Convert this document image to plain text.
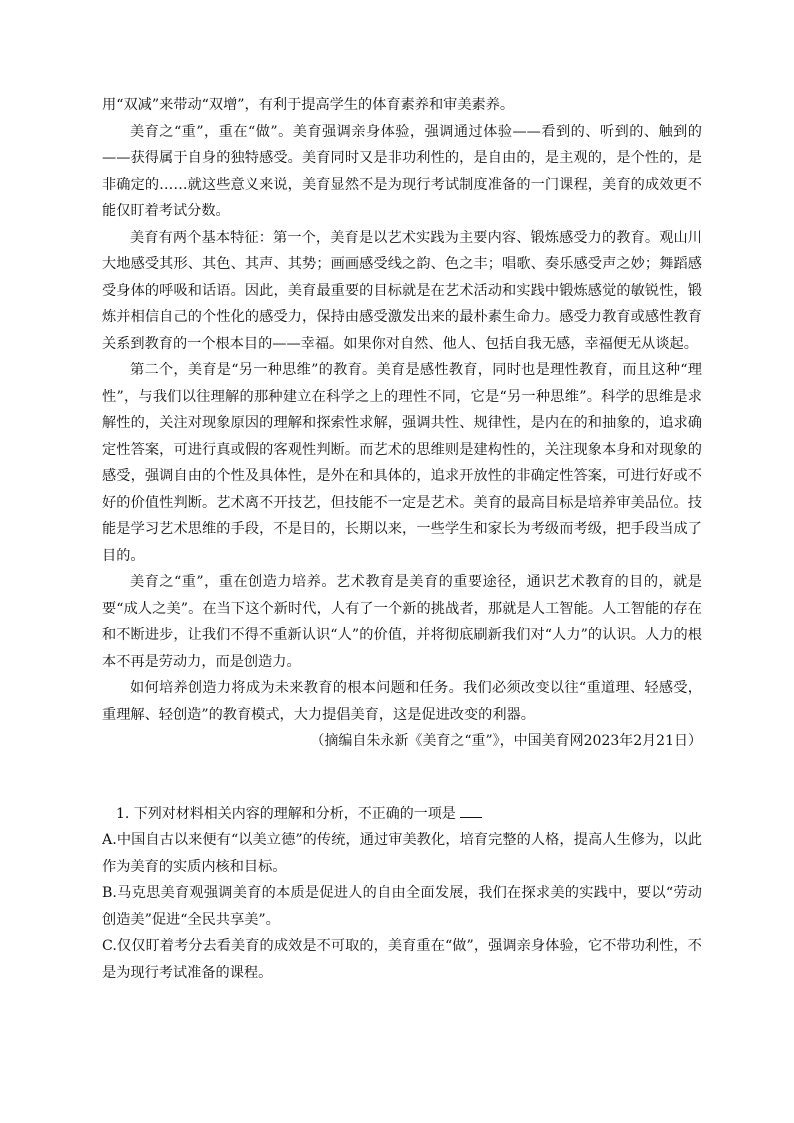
用“双减”来带动“双增”，有利于提高学生的体育素养和审美素养。

美育之“重”，重在“做”。美育强调亲身体验，强调通过体验——看到的、听到的、触到的——获得属于自身的独特感受。美育同时又是非功利性的，是自由的，是主观的，是个性的，是非确定的……就这些意义来说，美育显然不是为现行考试制度准备的一门课程，美育的成效更不能仅盯着考试分数。

美育有两个基本特征：第一个，美育是以艺术实践为主要内容、锻炼感受力的教育。观山川大地感受其形、其色、其声、其势；画画感受线之韵、色之丰；唱歌、奏乐感受声之妙；舞蹈感受身体的呼吸和话语。因此，美育最重要的目标就是在艺术活动和实践中锻炼感觉的敏锐性，锻炼并相信自己的个性化的感受力，保持由感受激发出来的最朴素生命力。感受力教育或感性教育关系到教育的一个根本目的——幸福。如果你对自然、他人、包括自我无感，幸福便无从谈起。

第二个，美育是“另一种思维”的教育。美育是感性教育，同时也是理性教育，而且这种“理性”，与我们以往理解的那种建立在科学之上的理性不同，它是“另一种思维”。科学的思维是求解性的，关注对现象原因的理解和探索性求解，强调共性、规律性，是内在的和抽象的，追求确定性答案，可进行真或假的客观性判断。而艺术的思维则是建构性的，关注现象本身和对现象的感受，强调自由的个性及具体性，是外在和具体的，追求开放性的非确定性答案，可进行好或不好的价值性判断。艺术离不开技艺，但技能不一定是艺术。美育的最高目标是培养审美品位。技能是学习艺术思维的手段，不是目的，长期以来，一些学生和家长为考级而考级，把手段当成了目的。

美育之“重”，重在创造力培养。艺术教育是美育的重要途径，通识艺术教育的目的，就是要“成人之美”。在当下这个新时代，人有了一个新的挑战者，那就是人工智能。人工智能的存在和不断进步，让我们不得不重新认识“人”的价值，并将彻底刷新我们对“人力”的认识。人力的根本不再是劳动力，而是创造力。

如何培养创造力将成为未来教育的根本问题和任务。我们必须改变以往“重道理、轻感受，重理解、轻创造”的教育模式，大力提倡美育，这是促进改变的利器。

（摘编自朱永新《美育之“重”》，中国美育网2023年2月21日）

1. 下列对材料相关内容的理解和分析，不正确的一项是

A.中国自古以来便有“以美立德”的传统，通过审美教化，培育完整的人格，提高人生修为，以此作为美育的实质内核和目标。

B.马克思美育观强调美育的本质是促进人的自由全面发展，我们在探求美的实践中，要以“劳动创造美”促进“全民共享美”。

C.仅仅盯着考分去看美育的成效是不可取的，美育重在“做”，强调亲身体验，它不带功利性，不是为现行考试准备的课程。
